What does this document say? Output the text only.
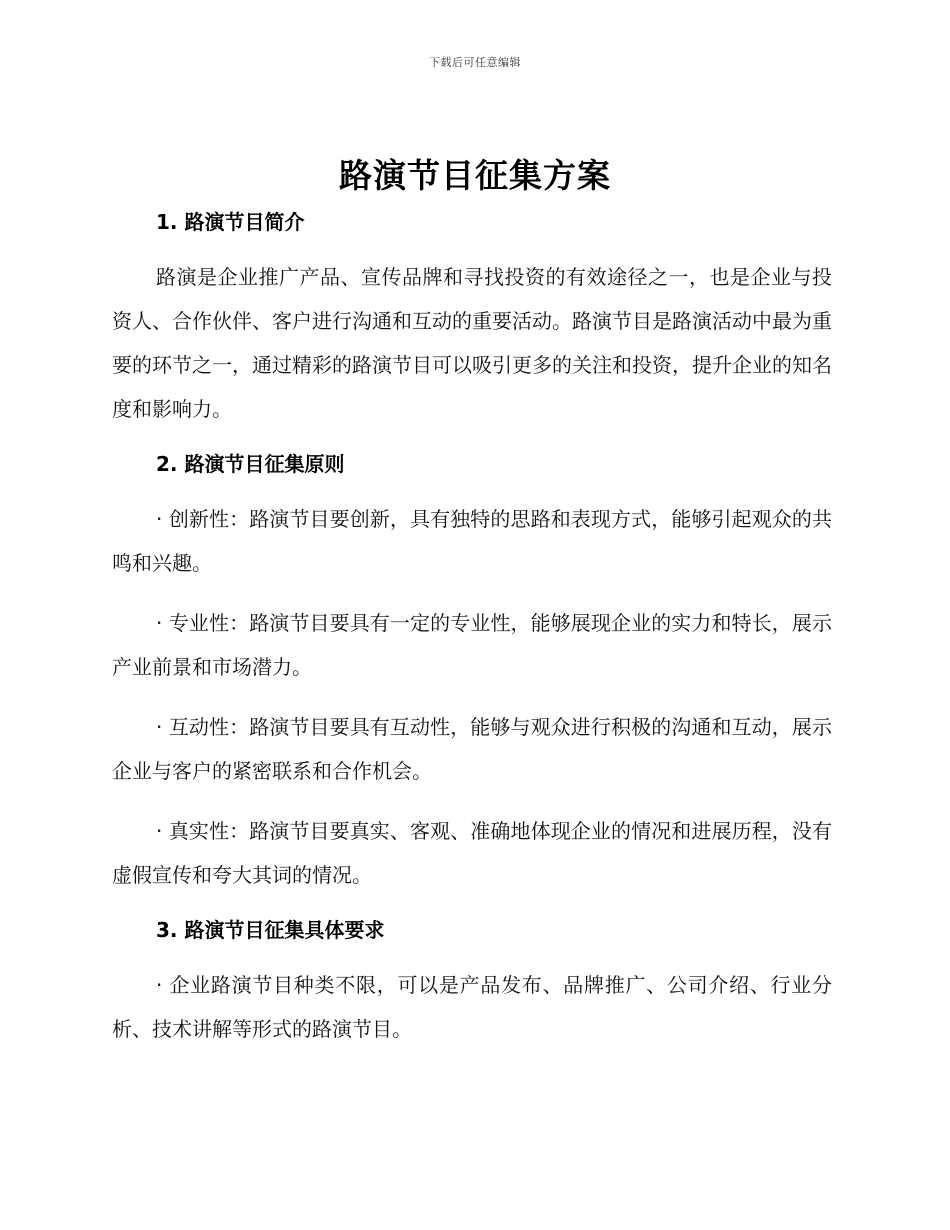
下载后可任意编辑
路演节目征集方案
1. 路演节目简介

路演是企业推广产品、宣传品牌和寻找投资的有效途径之一，也是企业与投资人、合作伙伴、客户进行沟通和互动的重要活动。路演节目是路演活动中最为重要的环节之一，通过精彩的路演节目可以吸引更多的关注和投资，提升企业的知名度和影响力。

2. 路演节目征集原则

· 创新性：路演节目要创新，具有独特的思路和表现方式，能够引起观众的共鸣和兴趣。

· 专业性：路演节目要具有一定的专业性，能够展现企业的实力和特长，展示产业前景和市场潜力。

· 互动性：路演节目要具有互动性，能够与观众进行积极的沟通和互动，展示企业与客户的紧密联系和合作机会。

· 真实性：路演节目要真实、客观、准确地体现企业的情况和进展历程，没有虚假宣传和夸大其词的情况。

3. 路演节目征集具体要求

· 企业路演节目种类不限，可以是产品发布、品牌推广、公司介绍、行业分析、技术讲解等形式的路演节目。
